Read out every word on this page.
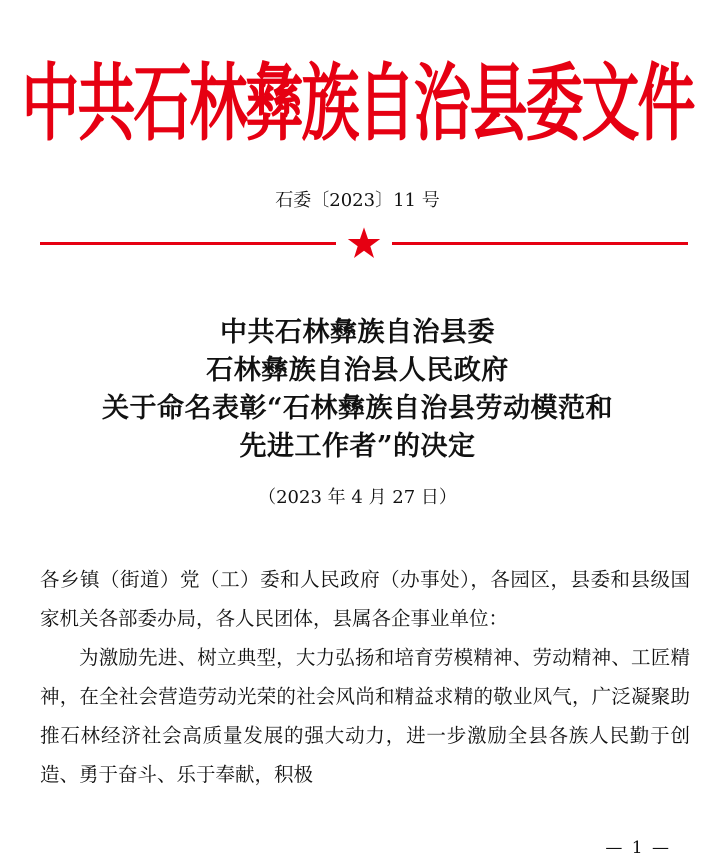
中共石林彝族自治县委文件
石委〔2023〕11 号
中共石林彝族自治县委
石林彝族自治县人民政府
关于命名表彰“石林彝族自治县劳动模范和
先进工作者”的决定
（2023 年 4 月 27 日）

各乡镇（街道）党（工）委和人民政府（办事处），各园区，县委和县级国家机关各部委办局，各人民团体，县属各企事业单位：

为激励先进、树立典型，大力弘扬和培育劳模精神、劳动精神、工匠精神，在全社会营造劳动光荣的社会风尚和精益求精的敬业风气，广泛凝聚助推石林经济社会高质量发展的强大动力，进一步激励全县各族人民勤于创造、勇于奋斗、乐于奉献，积极

— 1 —
